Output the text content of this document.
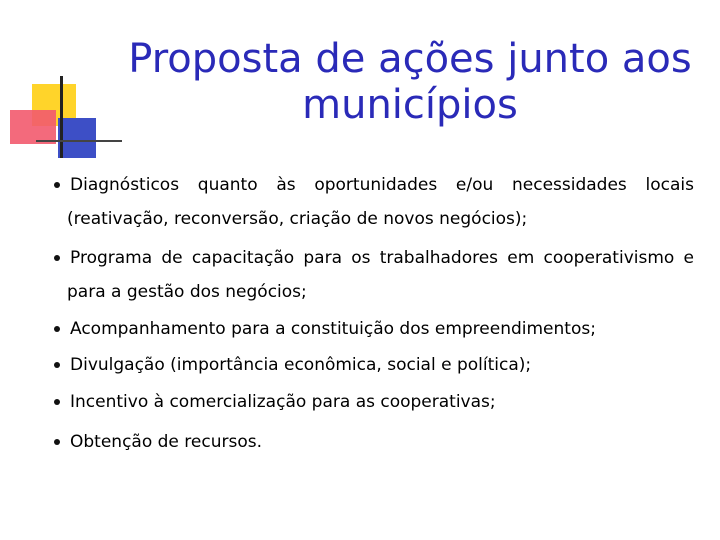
Proposta de ações junto aos municípios
Diagnósticos quanto às oportunidades e/ou necessidades locais
(reativação, reconversão, criação de novos negócios);
Programa de capacitação para os trabalhadores em cooperativismo e
para a gestão dos negócios;
Acompanhamento para a constituição dos empreendimentos;
Divulgação (importância econômica, social e política);
Incentivo à comercialização para as cooperativas;
Obtenção de recursos.
